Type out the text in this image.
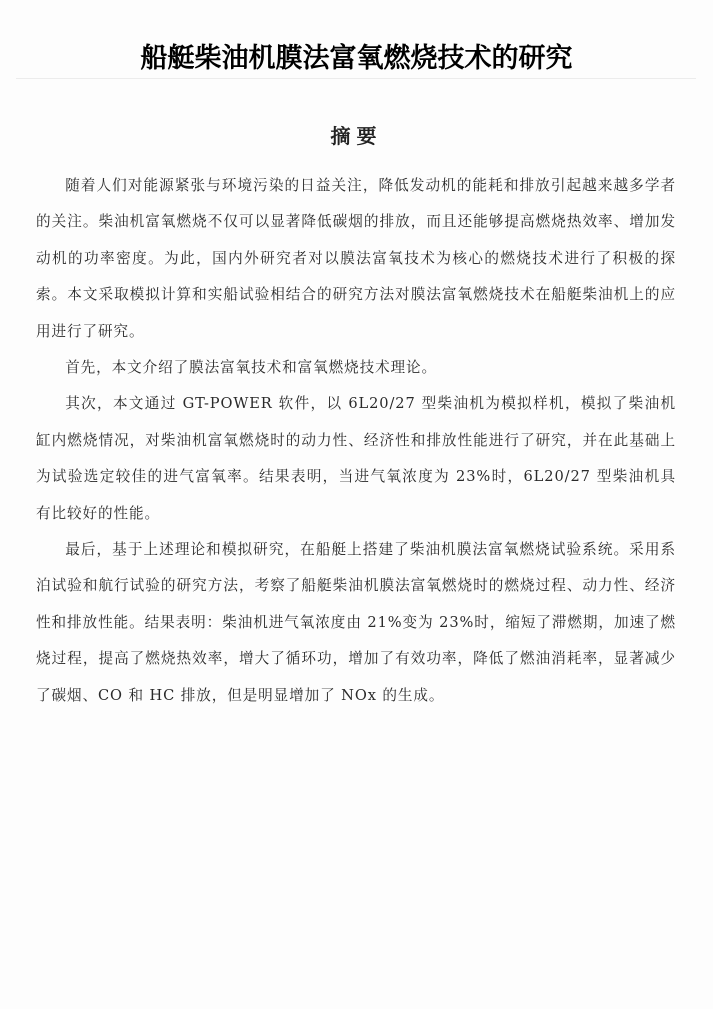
船艇柴油机膜法富氧燃烧技术的研究
摘要

随着人们对能源紧张与环境污染的日益关注，降低发动机的能耗和排放引起越来越多学者的关注。柴油机富氧燃烧不仅可以显著降低碳烟的排放，而且还能够提高燃烧热效率、增加发动机的功率密度。为此，国内外研究者对以膜法富氧技术为核心的燃烧技术进行了积极的探索。本文采取模拟计算和实船试验相结合的研究方法对膜法富氧燃烧技术在船艇柴油机上的应用进行了研究。

首先，本文介绍了膜法富氧技术和富氧燃烧技术理论。

其次，本文通过 GT-POWER 软件，以 6L20/27 型柴油机为模拟样机，模拟了柴油机缸内燃烧情况，对柴油机富氧燃烧时的动力性、经济性和排放性能进行了研究，并在此基础上为试验选定较佳的进气富氧率。结果表明，当进气氧浓度为 23%时，6L20/27 型柴油机具有比较好的性能。

最后，基于上述理论和模拟研究，在船艇上搭建了柴油机膜法富氧燃烧试验系统。采用系泊试验和航行试验的研究方法，考察了船艇柴油机膜法富氧燃烧时的燃烧过程、动力性、经济性和排放性能。结果表明：柴油机进气氧浓度由 21%变为 23%时，缩短了滞燃期，加速了燃烧过程，提高了燃烧热效率，增大了循环功，增加了有效功率，降低了燃油消耗率，显著减少了碳烟、CO 和 HC 排放，但是明显增加了 NOx 的生成。
